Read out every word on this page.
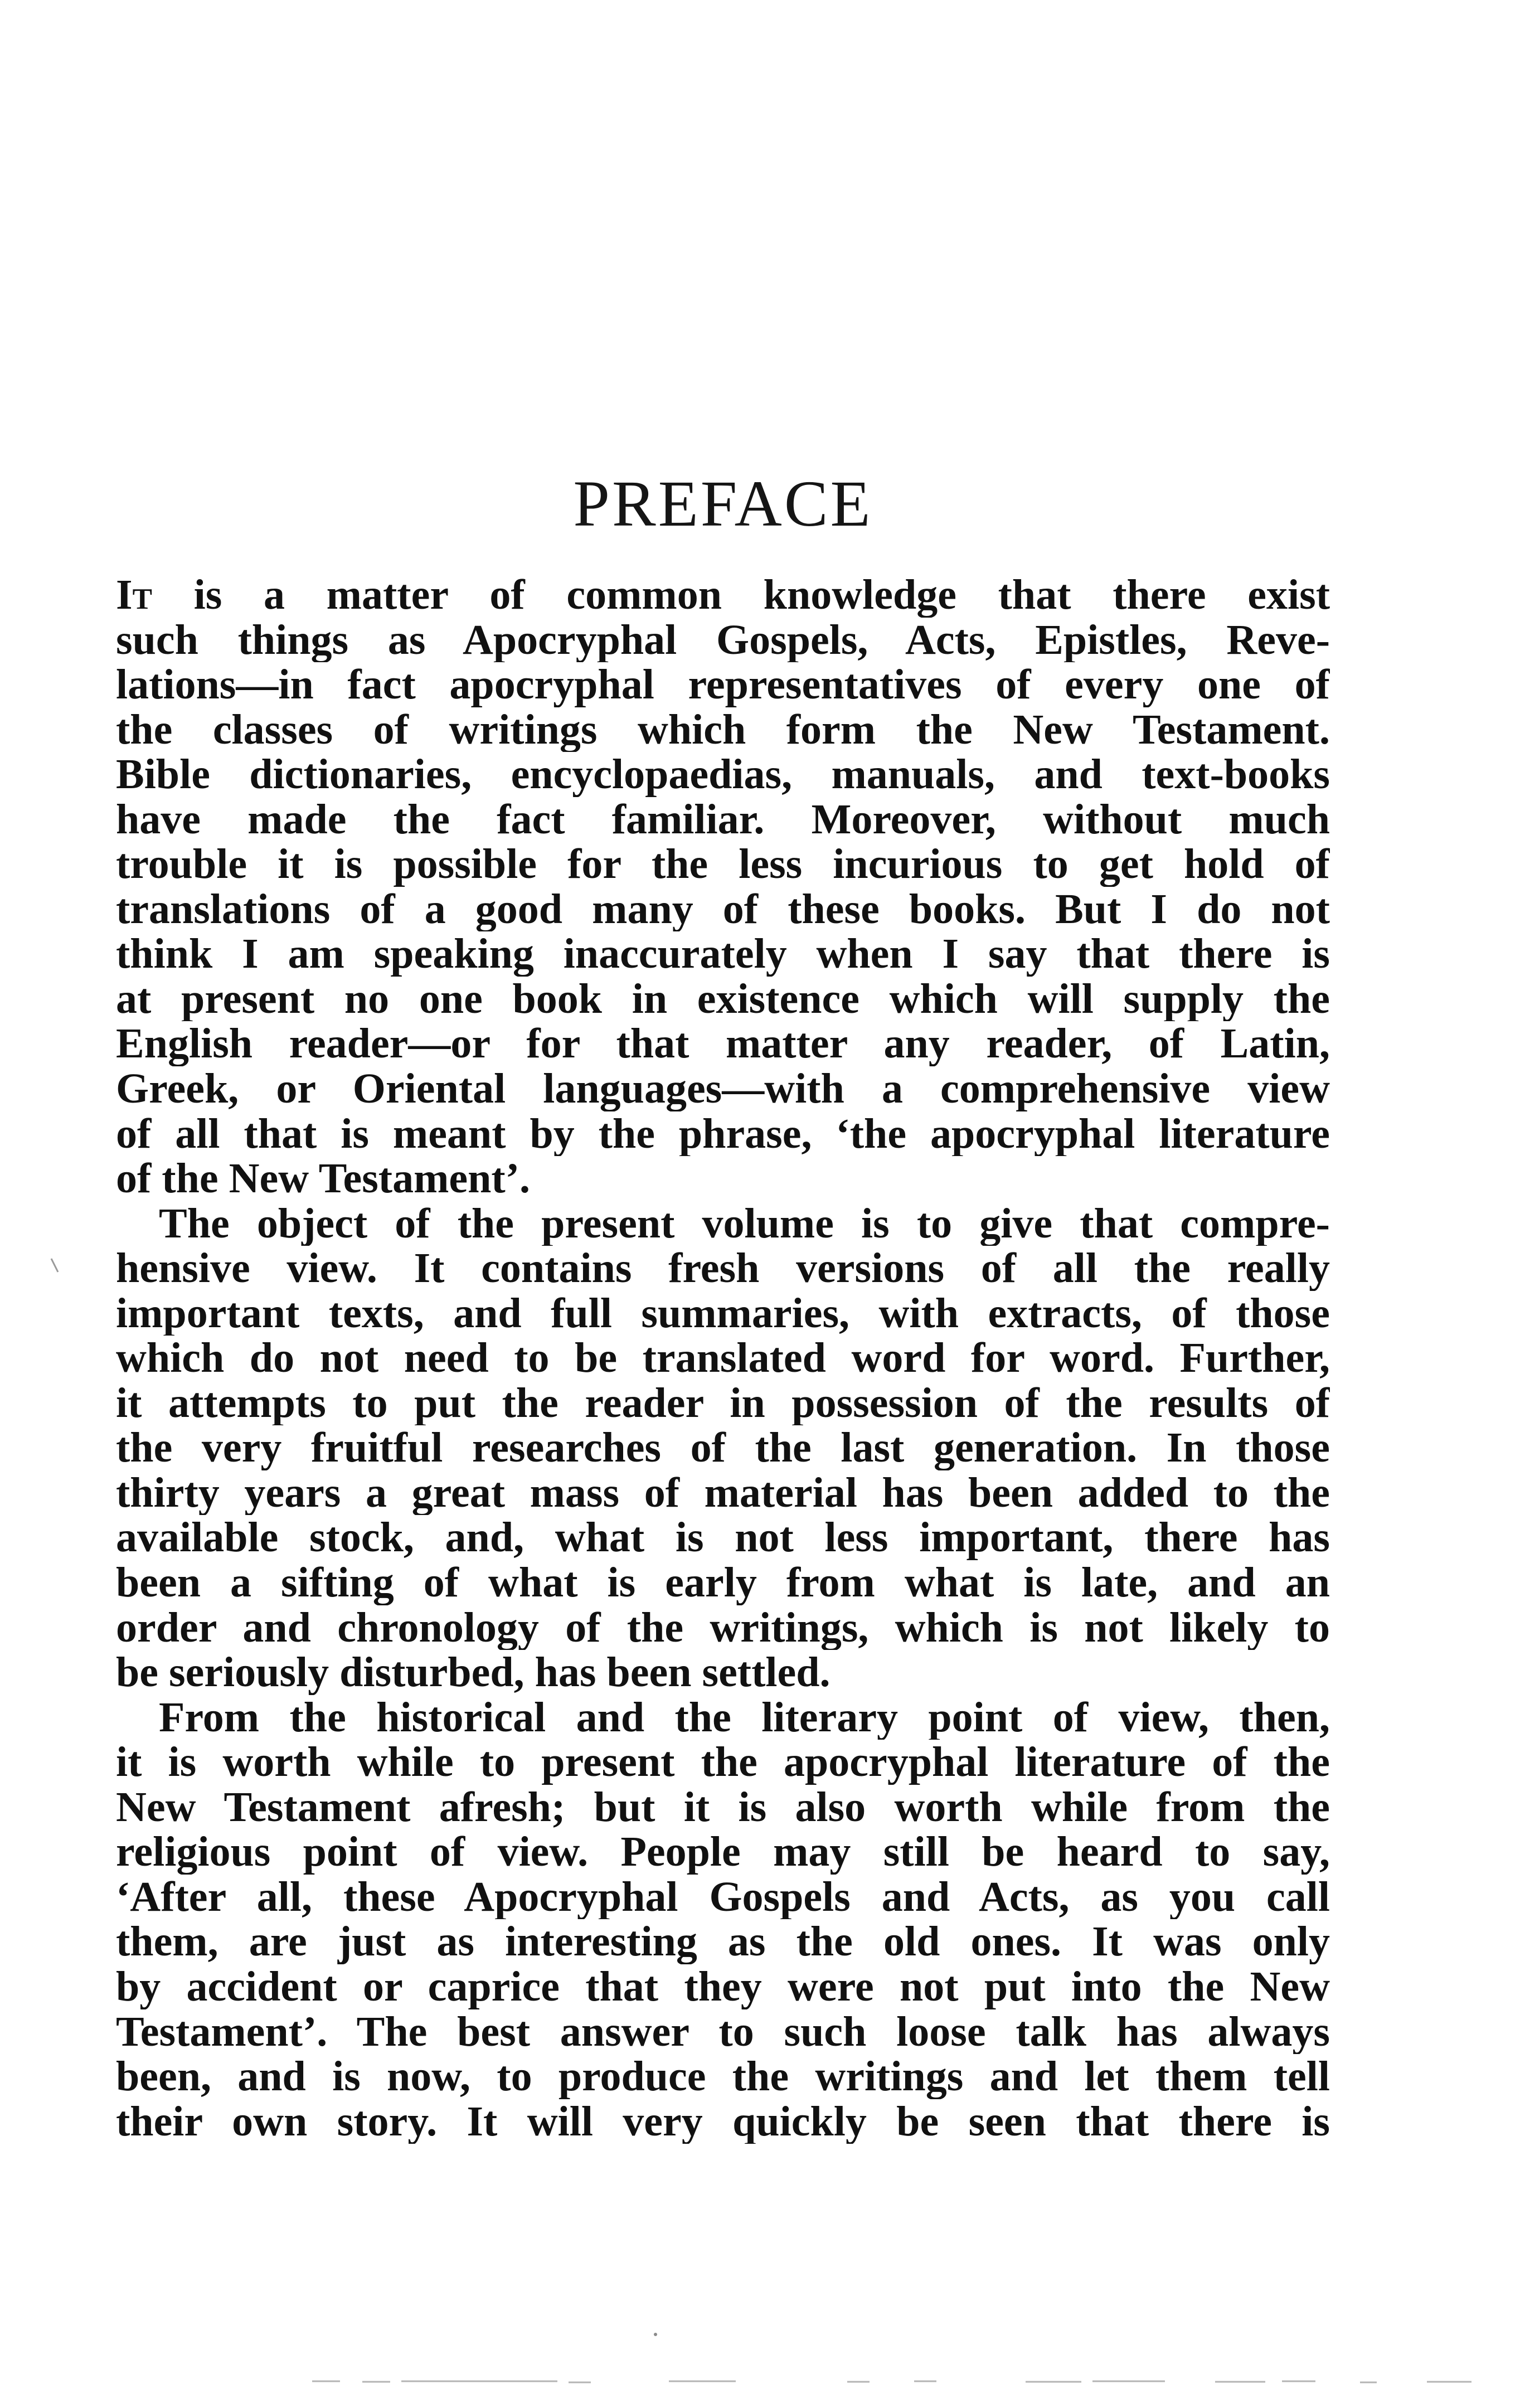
PREFACE
It is a matter of common knowledge that there exist
such things as Apocryphal Gospels, Acts, Epistles, Reve-
lations—in fact apocryphal representatives of every one of
the classes of writings which form the New Testament.
Bible dictionaries, encyclopaedias, manuals, and text-books
have made the fact familiar. Moreover, without much
trouble it is possible for the less incurious to get hold of
translations of a good many of these books. But I do not
think I am speaking inaccurately when I say that there is
at present no one book in existence which will supply the
English reader—or for that matter any reader, of Latin,
Greek, or Oriental languages—with a comprehensive view
of all that is meant by the phrase, ‘the apocryphal literature
of the New Testament’.
The object of the present volume is to give that compre-
hensive view. It contains fresh versions of all the really
important texts, and full summaries, with extracts, of those
which do not need to be translated word for word. Further,
it attempts to put the reader in possession of the results of
the very fruitful researches of the last generation. In those
thirty years a great mass of material has been added to the
available stock, and, what is not less important, there has
been a sifting of what is early from what is late, and an
order and chronology of the writings, which is not likely to
be seriously disturbed, has been settled.
From the historical and the literary point of view, then,
it is worth while to present the apocryphal literature of the
New Testament afresh; but it is also worth while from the
religious point of view. People may still be heard to say,
‘After all, these Apocryphal Gospels and Acts, as you call
them, are just as interesting as the old ones. It was only
by accident or caprice that they were not put into the New
Testament’. The best answer to such loose talk has always
been, and is now, to produce the writings and let them tell
their own story. It will very quickly be seen that there is
